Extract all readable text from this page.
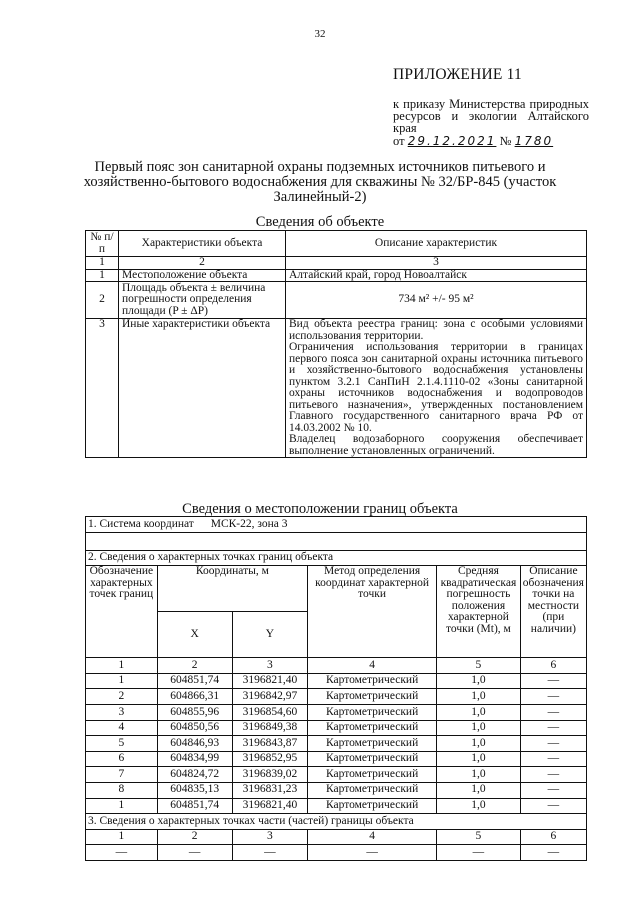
32
ПРИЛОЖЕНИЕ 11
к приказу Министерства природных ресурсов и экологии Алтайского края
от 29.12.2021 № 1780
Первый пояс зон санитарной охраны подземных источников питьевого и хозяйственно-бытового водоснабжения для скважины № 32/БР-845 (участок Залинейный-2)
Сведения об объекте
№ п/п	Характеристики объекта	Описание характеристик
1	2	3
1	Местоположение объекта	Алтайский край, город Новоалтайск
2	Площадь объекта ± величина погрешности определения площади (P ± ΔP)	734 м² +/- 95 м²
3	Иные характеристики объекта	Вид объекта реестра границ: зона с особыми условиями использования территории.
Ограничения использования территории в границах первого пояса зон санитарной охраны источника питьевого и хозяйственно-бытового водоснабжения установлены пунктом 3.2.1 СанПиН 2.1.4.1110-02 «Зоны санитарной охраны источников водоснабжения и водопроводов питьевого назначения», утвержденных постановлением Главного государственного санитарного врача РФ от 14.03.2002 № 10.
Владелец водозаборного сооружения обеспечивает выполнение установленных ограничений.
Сведения о местоположении границ объекта
1. Система координат МСК-22, зона 3					

2. Сведения о характерных точках границ объекта					
Обозначение характерных точек границ	Координаты, м		Метод определения координат характерной точки	Средняя квадратическая погрешность положения характерной точки (Mt), м	Описание обозначения точки на местности (при наличии)
	X	Y			
1	2	3	4	5	6
1	604851,74	3196821,40	Картометрический	1,0	—
2	604866,31	3196842,97	Картометрический	1,0	—
3	604855,96	3196854,60	Картометрический	1,0	—
4	604850,56	3196849,38	Картометрический	1,0	—
5	604846,93	3196843,87	Картометрический	1,0	—
6	604834,99	3196852,95	Картометрический	1,0	—
7	604824,72	3196839,02	Картометрический	1,0	—
8	604835,13	3196831,23	Картометрический	1,0	—
1	604851,74	3196821,40	Картометрический	1,0	—
3. Сведения о характерных точках части (частей) границы объекта					
1	2	3	4	5	6
—	—	—	—	—	—
